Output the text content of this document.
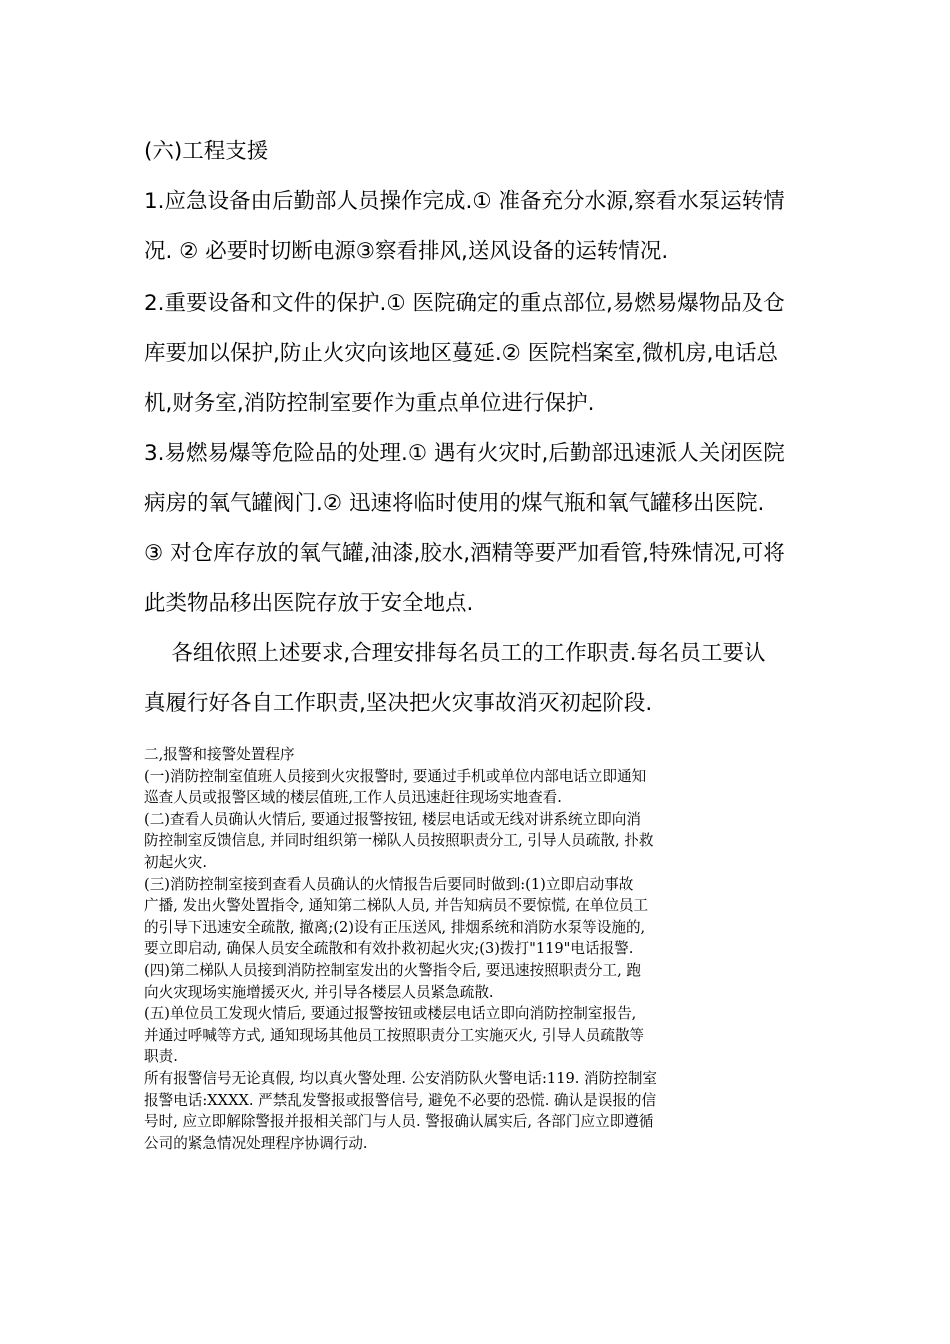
(六)工程支援

1.应急设备由后勤部人员操作完成.① 准备充分水源,察看水泵运转情

况. ② 必要时切断电源③察看排风,送风设备的运转情况.

2.重要设备和文件的保护.① 医院确定的重点部位,易燃易爆物品及仓

库要加以保护,防止火灾向该地区蔓延.② 医院档案室,微机房,电话总

机,财务室,消防控制室要作为重点单位进行保护.

3.易燃易爆等危险品的处理.① 遇有火灾时,后勤部迅速派人关闭医院

病房的氧气罐阀门.② 迅速将临时使用的煤气瓶和氧气罐移出医院.

③ 对仓库存放的氧气罐,油漆,胶水,酒精等要严加看管,特殊情况,可将

此类物品移出医院存放于安全地点.

各组依照上述要求,合理安排每名员工的工作职责.每名员工要认

真履行好各自工作职责,坚决把火灾事故消灭初起阶段.

二,报警和接警处置程序

(一)消防控制室值班人员接到火灾报警时, 要通过手机或单位内部电话立即通知

巡查人员或报警区域的楼层值班,工作人员迅速赶往现场实地查看.

(二)查看人员确认火情后, 要通过报警按钮, 楼层电话或无线对讲系统立即向消

防控制室反馈信息, 并同时组织第一梯队人员按照职责分工, 引导人员疏散, 扑救

初起火灾.

(三)消防控制室接到查看人员确认的火情报告后要同时做到:(1)立即启动事故

广播, 发出火警处置指令, 通知第二梯队人员, 并告知病员不要惊慌, 在单位员工

的引导下迅速安全疏散, 撤离;(2)设有正压送风, 排烟系统和消防水泵等设施的,

要立即启动, 确保人员安全疏散和有效扑救初起火灾;(3)拨打"119"电话报警.

(四)第二梯队人员接到消防控制室发出的火警指令后, 要迅速按照职责分工, 跑

向火灾现场实施增援灭火, 并引导各楼层人员紧急疏散.

(五)单位员工发现火情后, 要通过报警按钮或楼层电话立即向消防控制室报告,

并通过呼喊等方式, 通知现场其他员工按照职责分工实施灭火, 引导人员疏散等

职责.

所有报警信号无论真假, 均以真火警处理. 公安消防队火警电话:119. 消防控制室

报警电话:XXXX. 严禁乱发警报或报警信号, 避免不必要的恐慌. 确认是误报的信

号时, 应立即解除警报并报相关部门与人员. 警报确认属实后, 各部门应立即遵循

公司的紧急情况处理程序协调行动.
